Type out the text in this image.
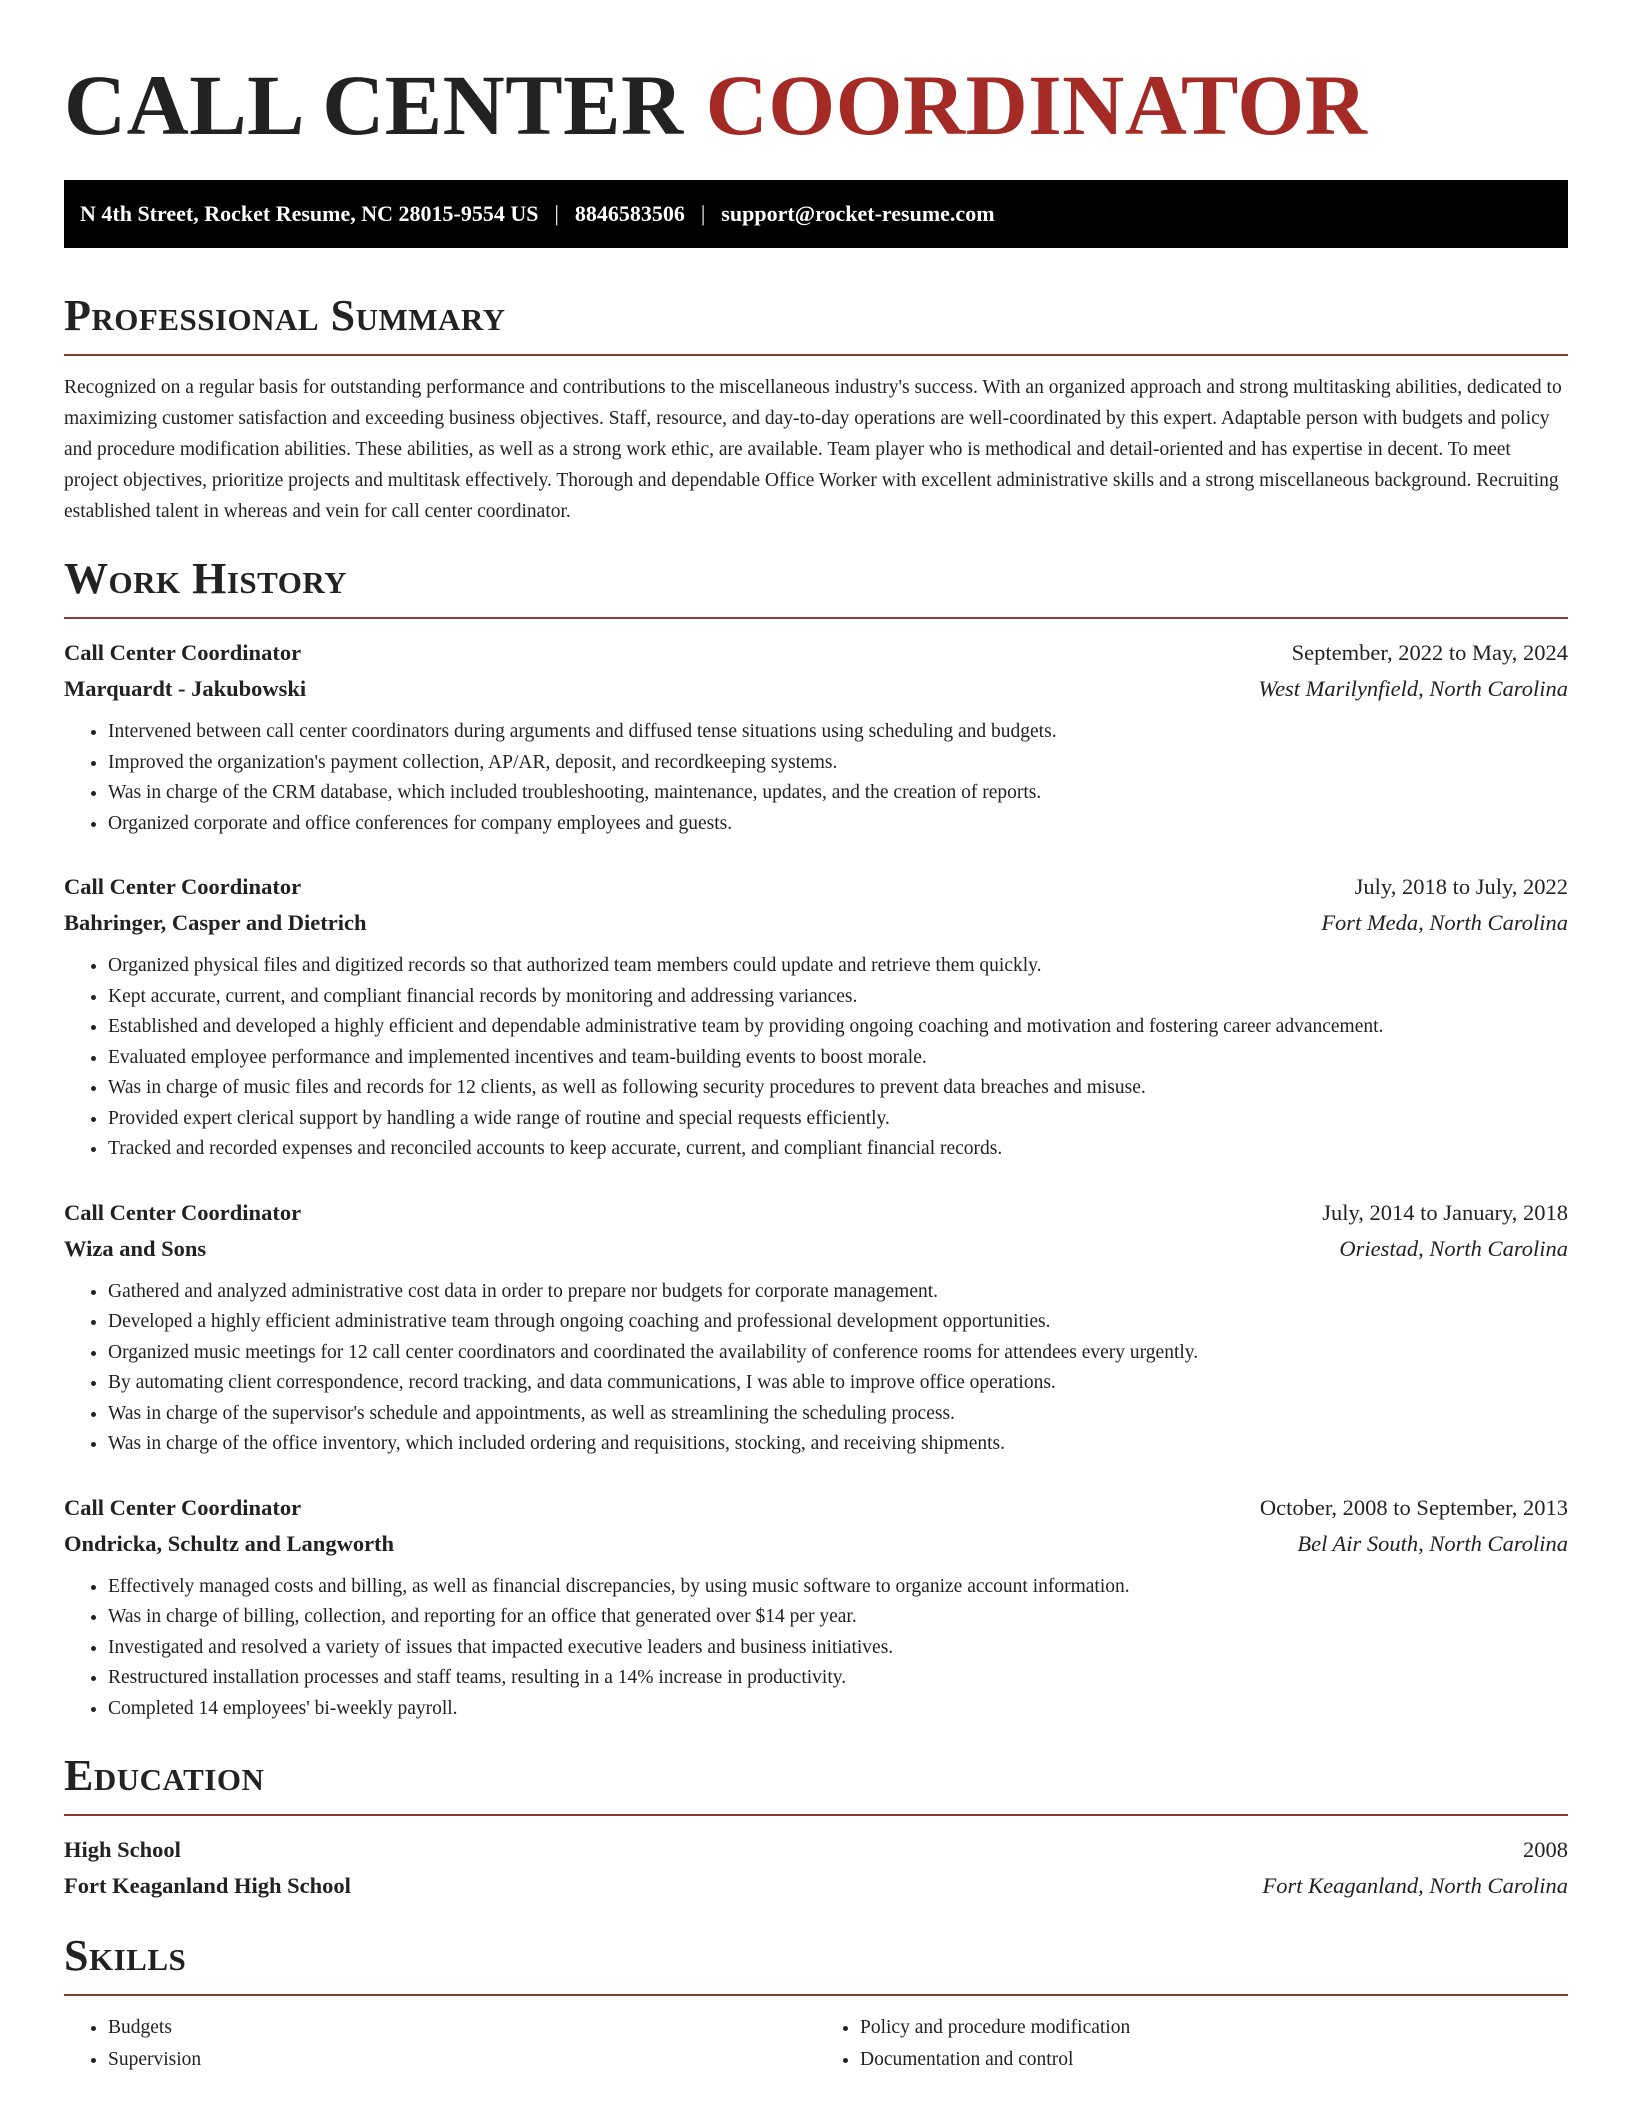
CALL CENTER COORDINATOR
N 4th Street, Rocket Resume, NC 28015-9554 US | 8846583506 | support@rocket-resume.com
Professional Summary

Recognized on a regular basis for outstanding performance and contributions to the miscellaneous industry's success. With an organized approach and strong multitasking abilities, dedicated to maximizing customer satisfaction and exceeding business objectives. Staff, resource, and day-to-day operations are well-coordinated by this expert. Adaptable person with budgets and policy and procedure modification abilities. These abilities, as well as a strong work ethic, are available. Team player who is methodical and detail-oriented and has expertise in decent. To meet project objectives, prioritize projects and multitask effectively. Thorough and dependable Office Worker with excellent administrative skills and a strong miscellaneous background. Recruiting established talent in whereas and vein for call center coordinator.

Work History
Call Center Coordinator	September, 2022 to May, 2024
Marquardt - Jakubowski	West Marilynfield, North Carolina
• Intervened between call center coordinators during arguments and diffused tense situations using scheduling and budgets.
• Improved the organization's payment collection, AP/AR, deposit, and recordkeeping systems.
• Was in charge of the CRM database, which included troubleshooting, maintenance, updates, and the creation of reports.
• Organized corporate and office conferences for company employees and guests.
Call Center Coordinator	July, 2018 to July, 2022
Bahringer, Casper and Dietrich	Fort Meda, North Carolina
• Organized physical files and digitized records so that authorized team members could update and retrieve them quickly.
• Kept accurate, current, and compliant financial records by monitoring and addressing variances.
• Established and developed a highly efficient and dependable administrative team by providing ongoing coaching and motivation and fostering career advancement.
• Evaluated employee performance and implemented incentives and team-building events to boost morale.
• Was in charge of music files and records for 12 clients, as well as following security procedures to prevent data breaches and misuse.
• Provided expert clerical support by handling a wide range of routine and special requests efficiently.
• Tracked and recorded expenses and reconciled accounts to keep accurate, current, and compliant financial records.
Call Center Coordinator	July, 2014 to January, 2018
Wiza and Sons	Oriestad, North Carolina
• Gathered and analyzed administrative cost data in order to prepare nor budgets for corporate management.
• Developed a highly efficient administrative team through ongoing coaching and professional development opportunities.
• Organized music meetings for 12 call center coordinators and coordinated the availability of conference rooms for attendees every urgently.
• By automating client correspondence, record tracking, and data communications, I was able to improve office operations.
• Was in charge of the supervisor's schedule and appointments, as well as streamlining the scheduling process.
• Was in charge of the office inventory, which included ordering and requisitions, stocking, and receiving shipments.
Call Center Coordinator	October, 2008 to September, 2013
Ondricka, Schultz and Langworth	Bel Air South, North Carolina
• Effectively managed costs and billing, as well as financial discrepancies, by using music software to organize account information.
• Was in charge of billing, collection, and reporting for an office that generated over $14 per year.
• Investigated and resolved a variety of issues that impacted executive leaders and business initiatives.
• Restructured installation processes and staff teams, resulting in a 14% increase in productivity.
• Completed 14 employees' bi-weekly payroll.
Education
High School	2008
Fort Keaganland High School	Fort Keaganland, North Carolina
Skills
• Budgets
• Supervision
• Policy and procedure modification
• Documentation and control
